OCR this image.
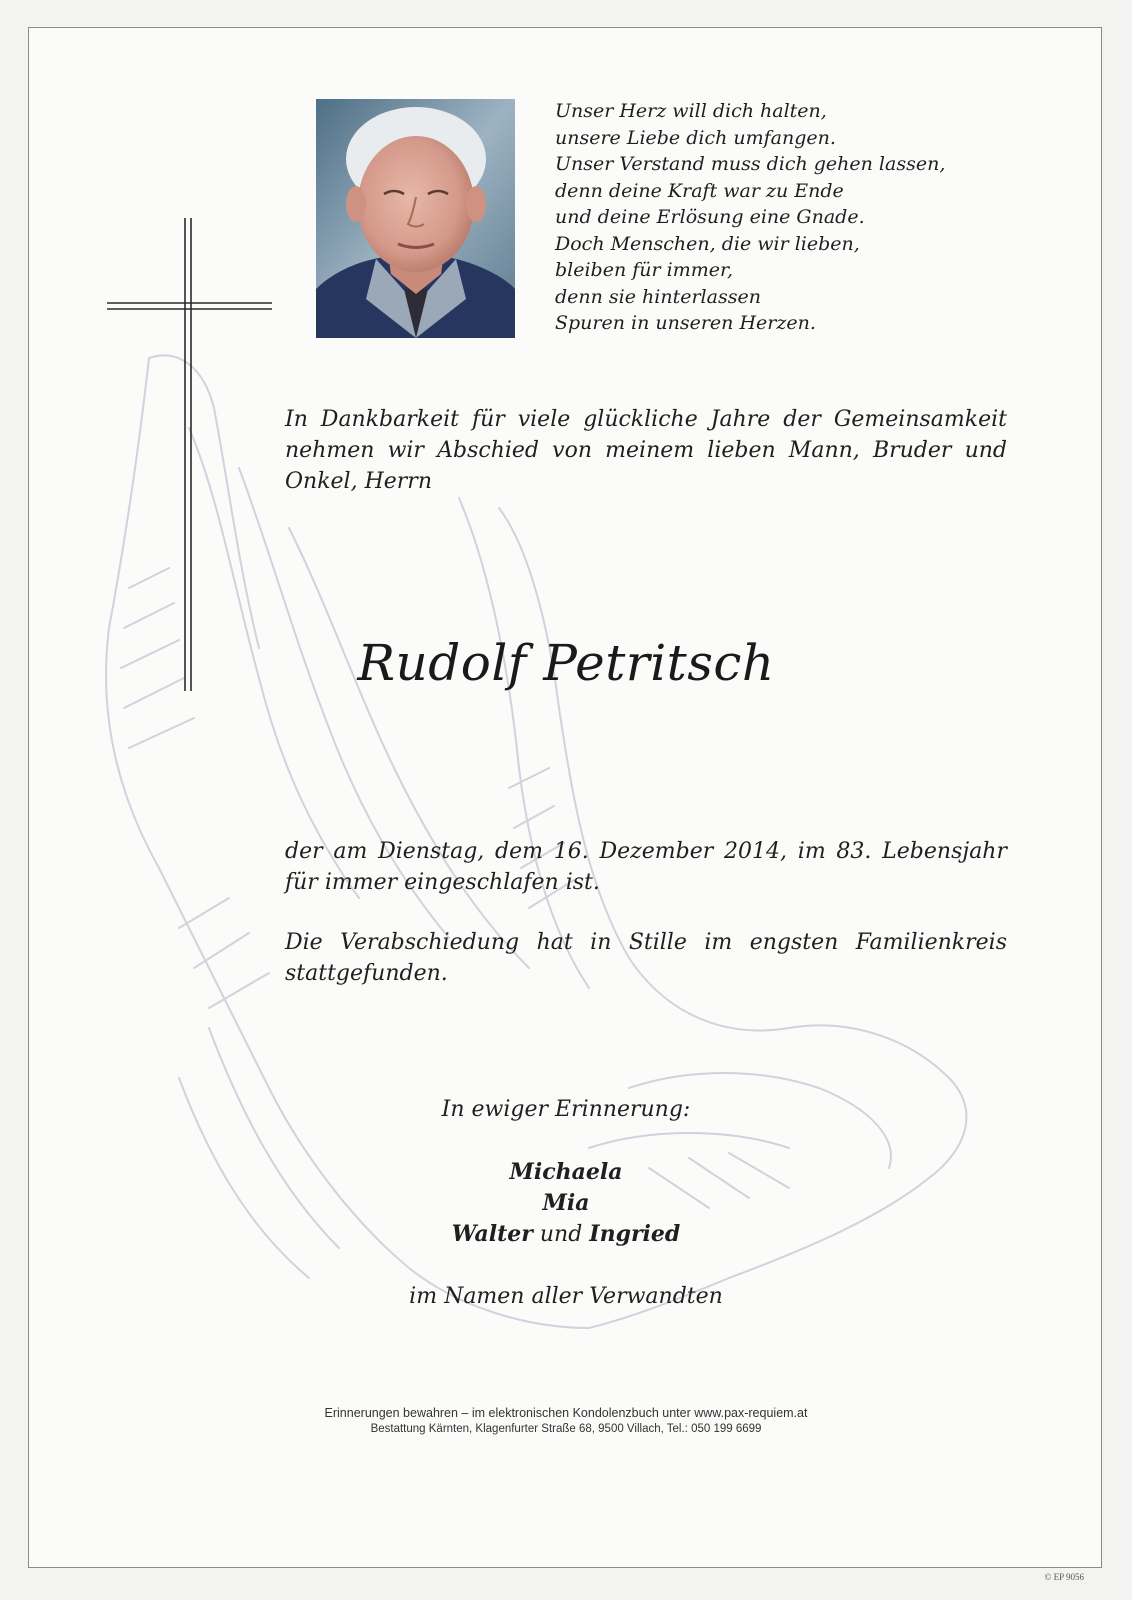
Unser Herz will dich halten,
unsere Liebe dich umfangen.
Unser Verstand muss dich gehen lassen,
denn deine Kraft war zu Ende
und deine Erlösung eine Gnade.
Doch Menschen, die wir lieben,
bleiben für immer,
denn sie hinterlassen
Spuren in unseren Herzen.
In Dankbarkeit für viele glückliche Jahre der Gemeinsamkeit nehmen wir Abschied von meinem lieben Mann, Bruder und Onkel, Herrn
Rudolf Petritsch
der am Dienstag, dem 16. Dezember 2014, im 83. Lebensjahr für immer eingeschlafen ist.
Die Verabschiedung hat in Stille im engsten Familienkreis stattgefunden.
In ewiger Erinnerung:
Michaela
Mia
Walter und Ingried
im Namen aller Verwandten
Erinnerungen bewahren – im elektronischen Kondolenzbuch unter www.pax-requiem.at
Bestattung Kärnten, Klagenfurter Straße 68, 9500 Villach, Tel.: 050 199 6699
© EP 9056
